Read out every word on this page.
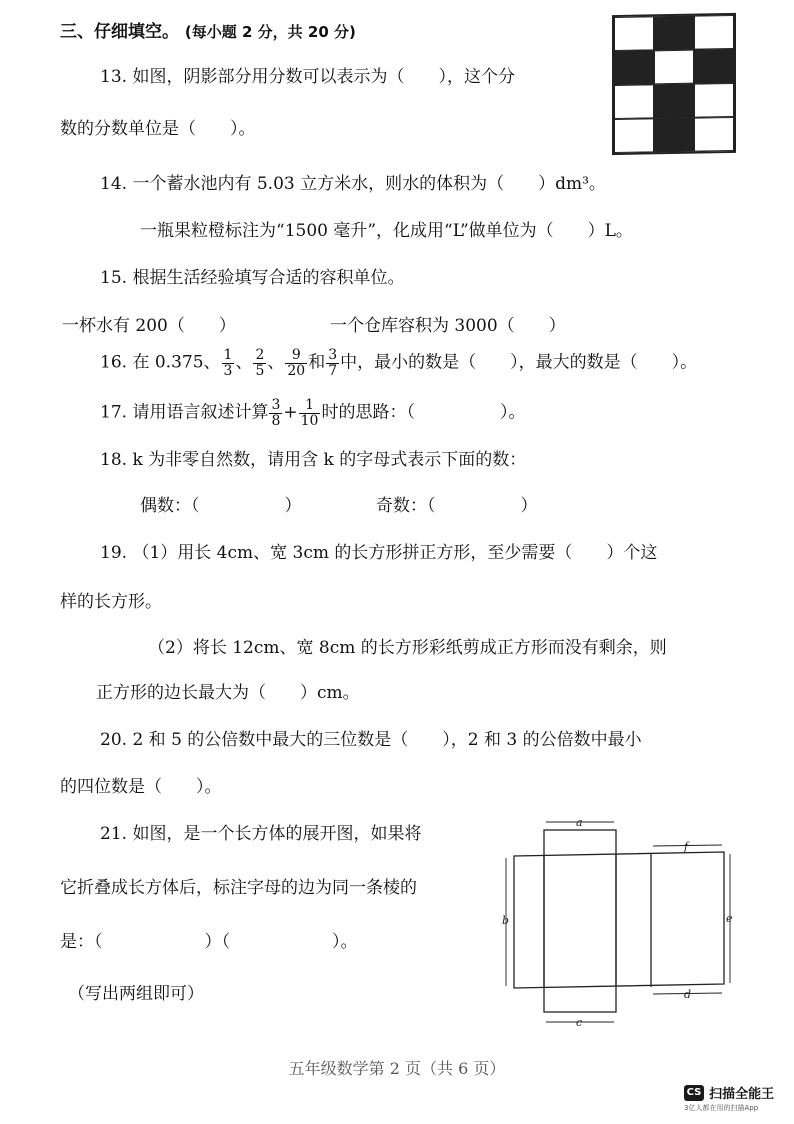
三、仔细填空。 (每小题 2 分，共 20 分)
13. 如图，阴影部分用分数可以表示为（　　），这个分
数的分数单位是（　　）。
14. 一个蓄水池内有 5.03 立方米水，则水的体积为（　　）dm³。
一瓶果粒橙标注为“1500 毫升”，化成用“L”做单位为（　　）L。
15. 根据生活经验填写合适的容积单位。
一杯水有 200（　　）	一个仓库容积为 3000（　　）
16. 在 0.375、 $\frac{1}{3}$ 、 $\frac{2}{5}$ 、 $\frac{9}{20}$ 和 $\frac{3}{7}$ 中，最小的数是（　　），最大的数是（　　）。
17. 请用语言叙述计算 $\frac{3}{8} + \frac{1}{10}$ 时的思路：（　　　　　）。
18. k 为非零自然数，请用含 k 的字母式表示下面的数：
偶数：（　　　　　）	奇数：（　　　　　）
19. （1）用长 4cm、宽 3cm 的长方形拼正方形，至少需要（　　）个这
样的长方形。
（2）将长 12cm、宽 8cm 的长方形彩纸剪成正方形而没有剩余，则
正方形的边长最大为（　　）cm。
20. 2 和 5 的公倍数中最大的三位数是（　　），2 和 3 的公倍数中最小
的四位数是（　　）。
21. 如图，是一个长方体的展开图，如果将
它折叠成长方体后，标注字母的边为同一条棱的
是：（　　　　　　）（　　　　　　）。
（写出两组即可）
a
c
f
d
b	e
五年级数学第 2 页（共 6 页）
CS 扫描全能王
3亿人都在用的扫描App
